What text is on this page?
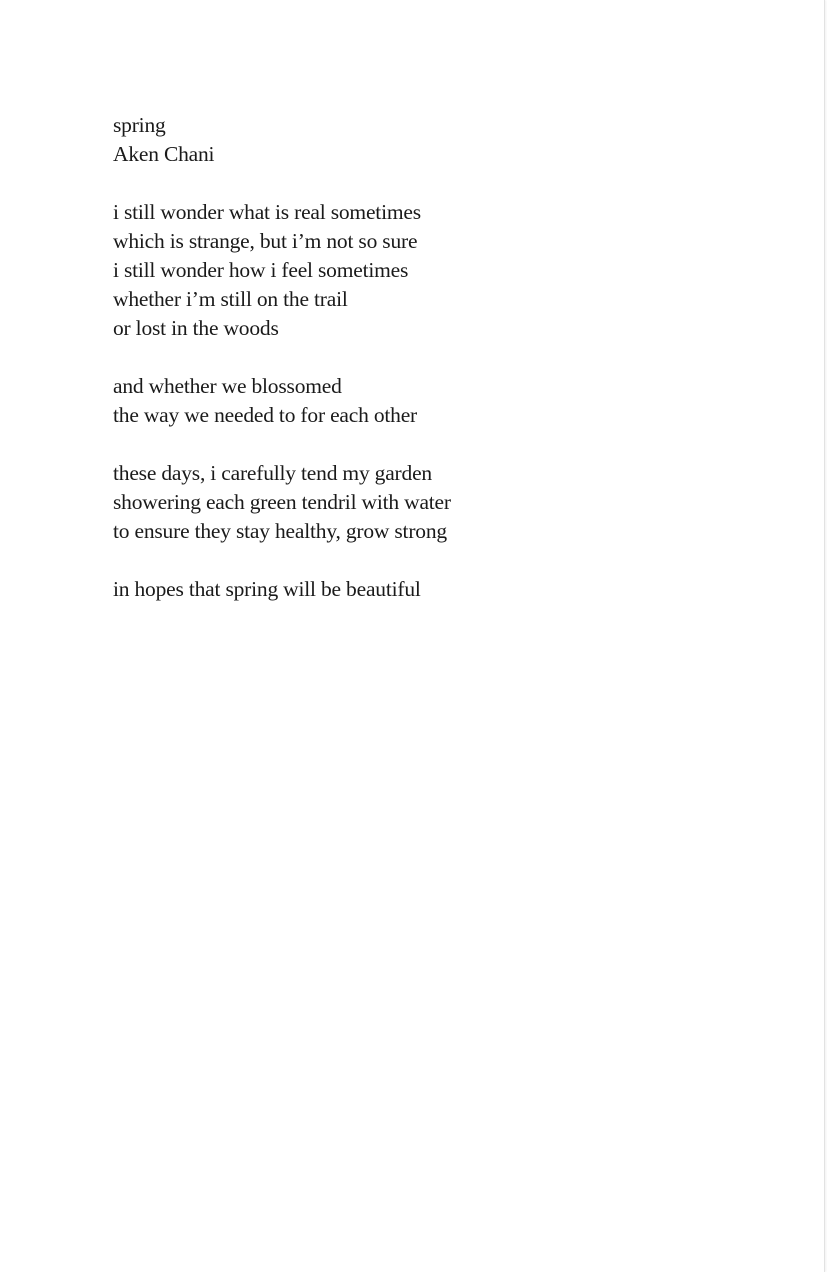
spring
Aken Chani
i still wonder what is real sometimes
which is strange, but i’m not so sure
i still wonder how i feel sometimes
whether i’m still on the trail
or lost in the woods
and whether we blossomed
the way we needed to for each other
these days, i carefully tend my garden
showering each green tendril with water
to ensure they stay healthy, grow strong
in hopes that spring will be beautiful
